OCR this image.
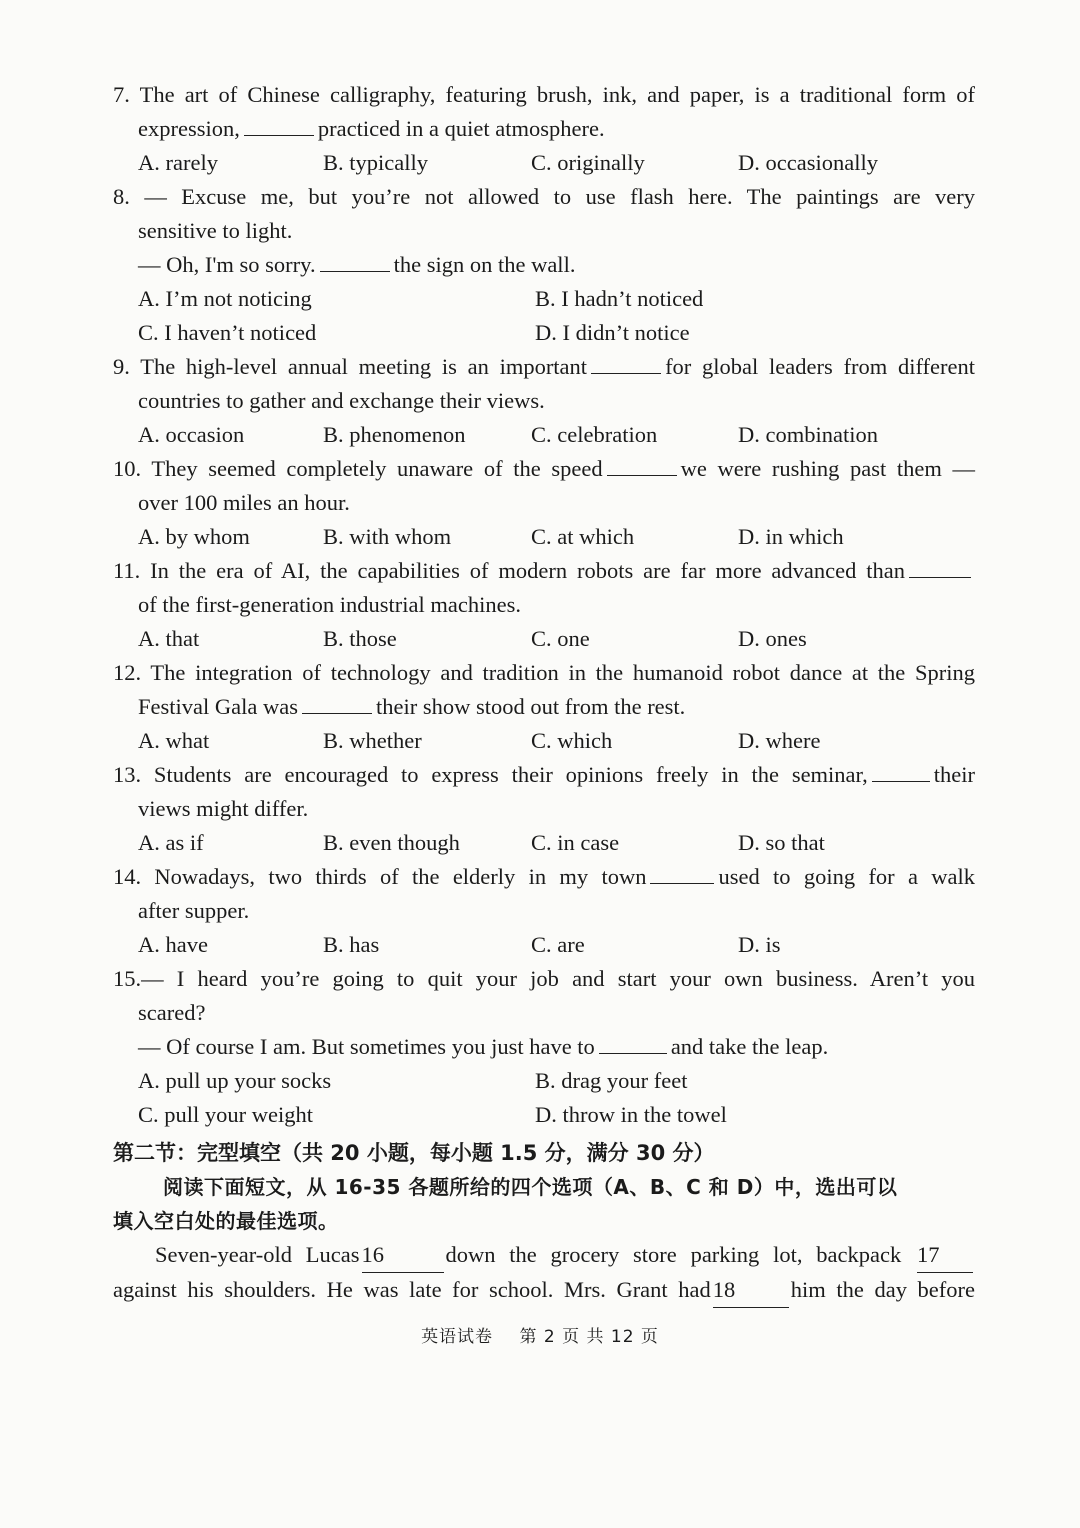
7. The art of Chinese calligraphy, featuring brush, ink, and paper, is a traditional form of

expression,	practiced in a quiet atmosphere.

A. rarely	B. typically	C. originally	D. occasionally

8. — Excuse me, but you’re not allowed to use flash here. The paintings are very

sensitive to light.

— Oh, I'm so sorry.	the sign on the wall.

A. I’m not noticing	B. I hadn’t noticed
C. I haven’t noticed	D. I didn’t notice

9. The high-level annual meeting is an important	for global leaders from different

countries to gather and exchange their views.

A. occasion	B. phenomenon	C. celebration	D. combination

10. They seemed completely unaware of the speed	we were rushing past them —

over 100 miles an hour.

A. by whom	B. with whom	C. at which	D. in which

11. In the era of AI, the capabilities of modern robots are far more advanced than

of the first-generation industrial machines.

A. that	B. those	C. one	D. ones

12. The integration of technology and tradition in the humanoid robot dance at the Spring

Festival Gala was	their show stood out from the rest.

A. what	B. whether	C. which	D. where

13. Students are encouraged to express their opinions freely in the seminar,	their

views might differ.

A. as if	B. even though	C. in case	D. so that

14. Nowadays, two thirds of the elderly in my town	used to going for a walk

after supper.

A. have	B. has	C. are	D. is

15.— I heard you’re going to quit your job and start your own business. Aren’t you

scared?

— Of course I am. But sometimes you just have to	and take the leap.

A. pull up your socks	B. drag your feet
C. pull your weight	D. throw in the towel

第二节：完型填空（共 20 小题，每小题 1.5 分，满分 30 分）

阅读下面短文，从 16-35 各题所给的四个选项（A、B、C 和 D）中，选出可以

填入空白处的最佳选项。

Seven-year-old Lucas16	down the grocery store parking lot, backpack 17

against his shoulders. He was late for school. Mrs. Grant had18 him the day before

英语试卷 第 2 页 共 12 页
